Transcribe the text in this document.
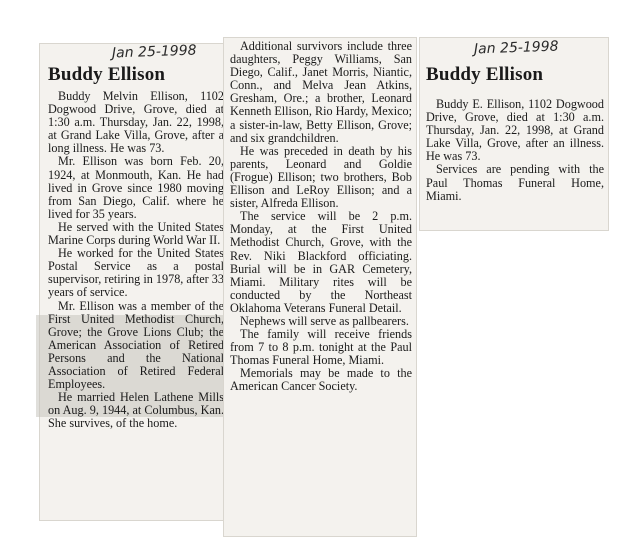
Jan 25-1998
Buddy Ellison

Buddy Melvin Ellison, 1102 Dogwood Drive, Grove, died at 1:30 a.m. Thursday, Jan. 22, 1998, at Grand Lake Villa, Grove, after a long illness. He was 73.

Mr. Ellison was born Feb. 20, 1924, at Monmouth, Kan. He had lived in Grove since 1980 moving from San Diego, Calif. where he lived for 35 years.

He served with the United States Marine Corps during World War II.

He worked for the United States Postal Service as a postal supervisor, retiring in 1978, after 33 years of service.

Mr. Ellison was a member of the First United Methodist Church, Grove; the Grove Lions Club; the American Association of Retired Persons and the National Association of Retired Federal Employees.

He married Helen Lathene Mills on Aug. 9, 1944, at Columbus, Kan. She survives, of the home.

Additional survivors include three daughters, Peggy Williams, San Diego, Calif., Janet Morris, Niantic, Conn., and Melva Jean Atkins, Gresham, Ore.; a brother, Leonard Kenneth Ellison, Rio Hardy, Mexico; a sister-in-law, Betty Ellison, Grove; and six grandchildren.

He was preceded in death by his parents, Leonard and Goldie (Frogue) Ellison; two brothers, Bob Ellison and LeRoy Ellison; and a sister, Alfreda Ellison.

The service will be 2 p.m. Monday, at the First United Methodist Church, Grove, with the Rev. Niki Blackford officiating. Burial will be in GAR Cemetery, Miami. Military rites will be conducted by the Northeast Oklahoma Veterans Funeral Detail.

Nephews will serve as pallbearers.

The family will receive friends from 7 to 8 p.m. tonight at the Paul Thomas Funeral Home, Miami.

Memorials may be made to the American Cancer Society.

Jan 25-1998
Buddy Ellison

Buddy E. Ellison, 1102 Dogwood Drive, Grove, died at 1:30 a.m. Thursday, Jan. 22, 1998, at Grand Lake Villa, Grove, after an illness. He was 73.

Services are pending with the Paul Thomas Funeral Home, Miami.
